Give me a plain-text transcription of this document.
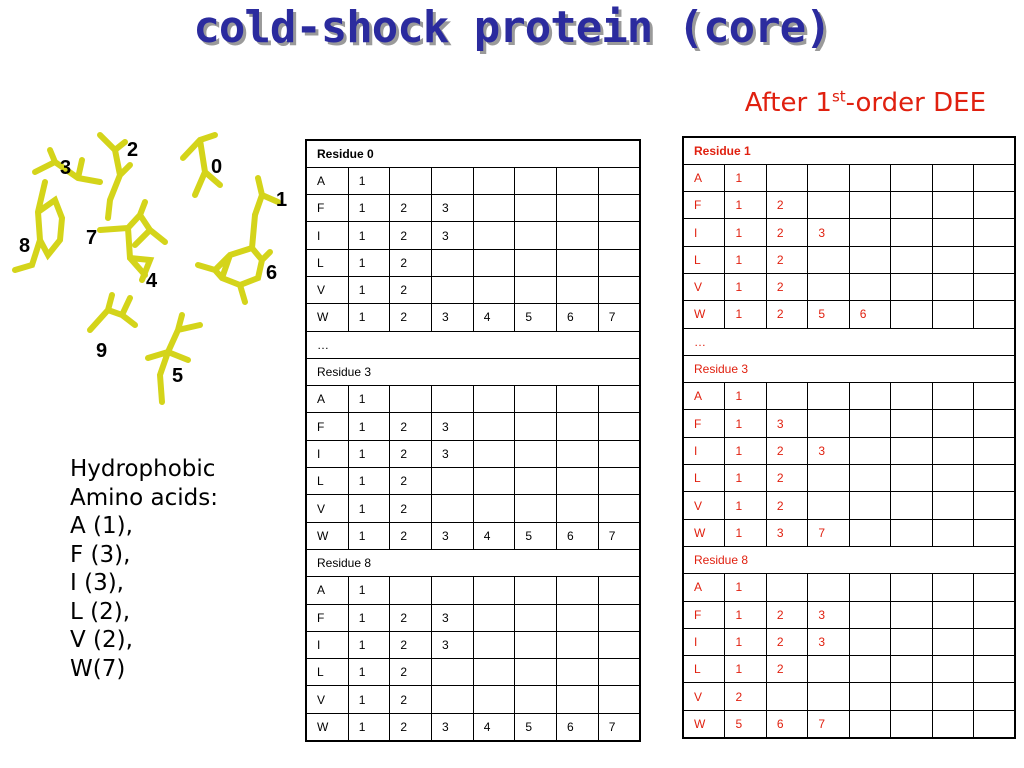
cold-shock protein (core)
After 1st-order DEE
0
1
2
3
4
5
6
7
8
9
Hydrophobic
Amino acids:
A (1),
F (3),
I (3),
L (2),
V (2),
W(7)
Residue 0							
A	1						
F	1	2	3				
I	1	2	3				
L	1	2					
V	1	2					
W	1	2	3	4	5	6	7
…							
Residue 3							
A	1						
F	1	2	3				
I	1	2	3				
L	1	2					
V	1	2					
W	1	2	3	4	5	6	7
Residue 8							
A	1						
F	1	2	3				
I	1	2	3				
L	1	2					
V	1	2					
W	1	2	3	4	5	6	7
Residue 1							
A	1						
F	1	2					
I	1	2	3				
L	1	2					
V	1	2					
W	1	2	5	6			
…							
Residue 3							
A	1						
F	1	3					
I	1	2	3				
L	1	2					
V	1	2					
W	1	3	7				
Residue 8							
A	1						
F	1	2	3				
I	1	2	3				
L	1	2					
V	2						
W	5	6	7				
